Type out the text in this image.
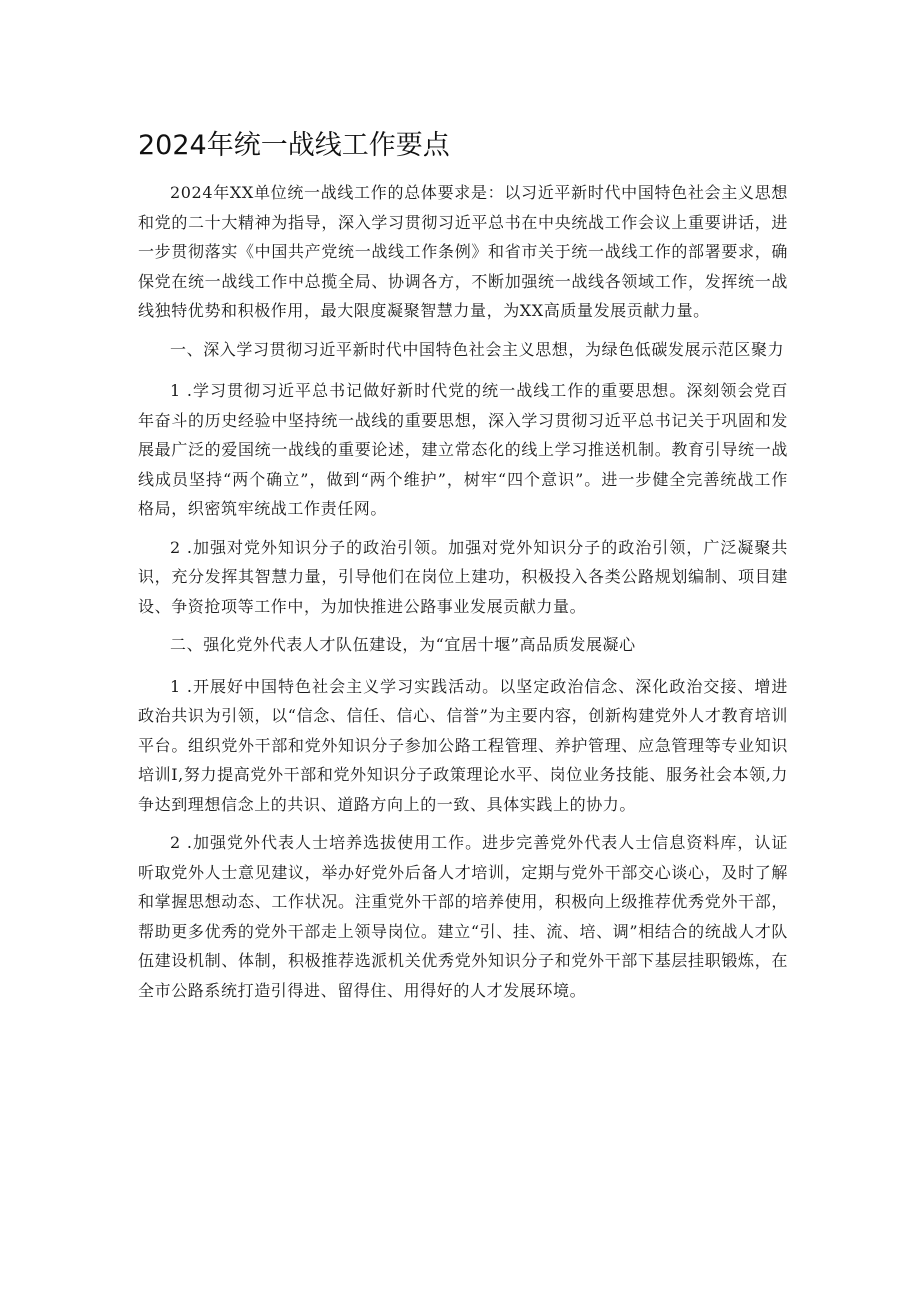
2024年统一战线工作要点

2024年XX单位统一战线工作的总体要求是：以习近平新时代中国特色社会主义思想和党的二十大精神为指导，深入学习贯彻习近平总书在中央统战工作会议上重要讲话，进一步贯彻落实《中国共产党统一战线工作条例》和省市关于统一战线工作的部署要求，确保党在统一战线工作中总揽全局、协调各方，不断加强统一战线各领域工作，发挥统一战线独特优势和积极作用，最大限度凝聚智慧力量，为XX高质量发展贡献力量。

一、深入学习贯彻习近平新时代中国特色社会主义思想，为绿色低碳发展示范区聚力

1 .学习贯彻习近平总书记做好新时代党的统一战线工作的重要思想。深刻领会党百年奋斗的历史经验中坚持统一战线的重要思想，深入学习贯彻习近平总书记关于巩固和发展最广泛的爱国统一战线的重要论述，建立常态化的线上学习推送机制。教育引导统一战线成员坚持“两个确立”，做到“两个维护”，树牢“四个意识”。进一步健全完善统战工作格局，织密筑牢统战工作责任网。

2 .加强对党外知识分子的政治引领。加强对党外知识分子的政治引领，广泛凝聚共识，充分发挥其智慧力量，引导他们在岗位上建功，积极投入各类公路规划编制、项目建设、争资抢项等工作中，为加快推进公路事业发展贡献力量。

二、强化党外代表人才队伍建设，为“宜居十堰”高品质发展凝心

1 .开展好中国特色社会主义学习实践活动。以坚定政治信念、深化政治交接、增进政治共识为引领，以“信念、信任、信心、信誉”为主要内容，创新构建党外人才教育培训平台。组织党外干部和党外知识分子参加公路工程管理、养护管理、应急管理等专业知识培训I,努力提高党外干部和党外知识分子政策理论水平、岗位业务技能、服务社会本领,力争达到理想信念上的共识、道路方向上的一致、具体实践上的协力。

2 .加强党外代表人士培养选拔使用工作。进步完善党外代表人士信息资料库，认证听取党外人士意见建议，举办好党外后备人才培训，定期与党外干部交心谈心，及时了解和掌握思想动态、工作状况。注重党外干部的培养使用，积极向上级推荐优秀党外干部，帮助更多优秀的党外干部走上领导岗位。建立“引、挂、流、培、调”相结合的统战人才队伍建设机制、体制，积极推荐选派机关优秀党外知识分子和党外干部下基层挂职锻炼，在全市公路系统打造引得进、留得住、用得好的人才发展环境。
